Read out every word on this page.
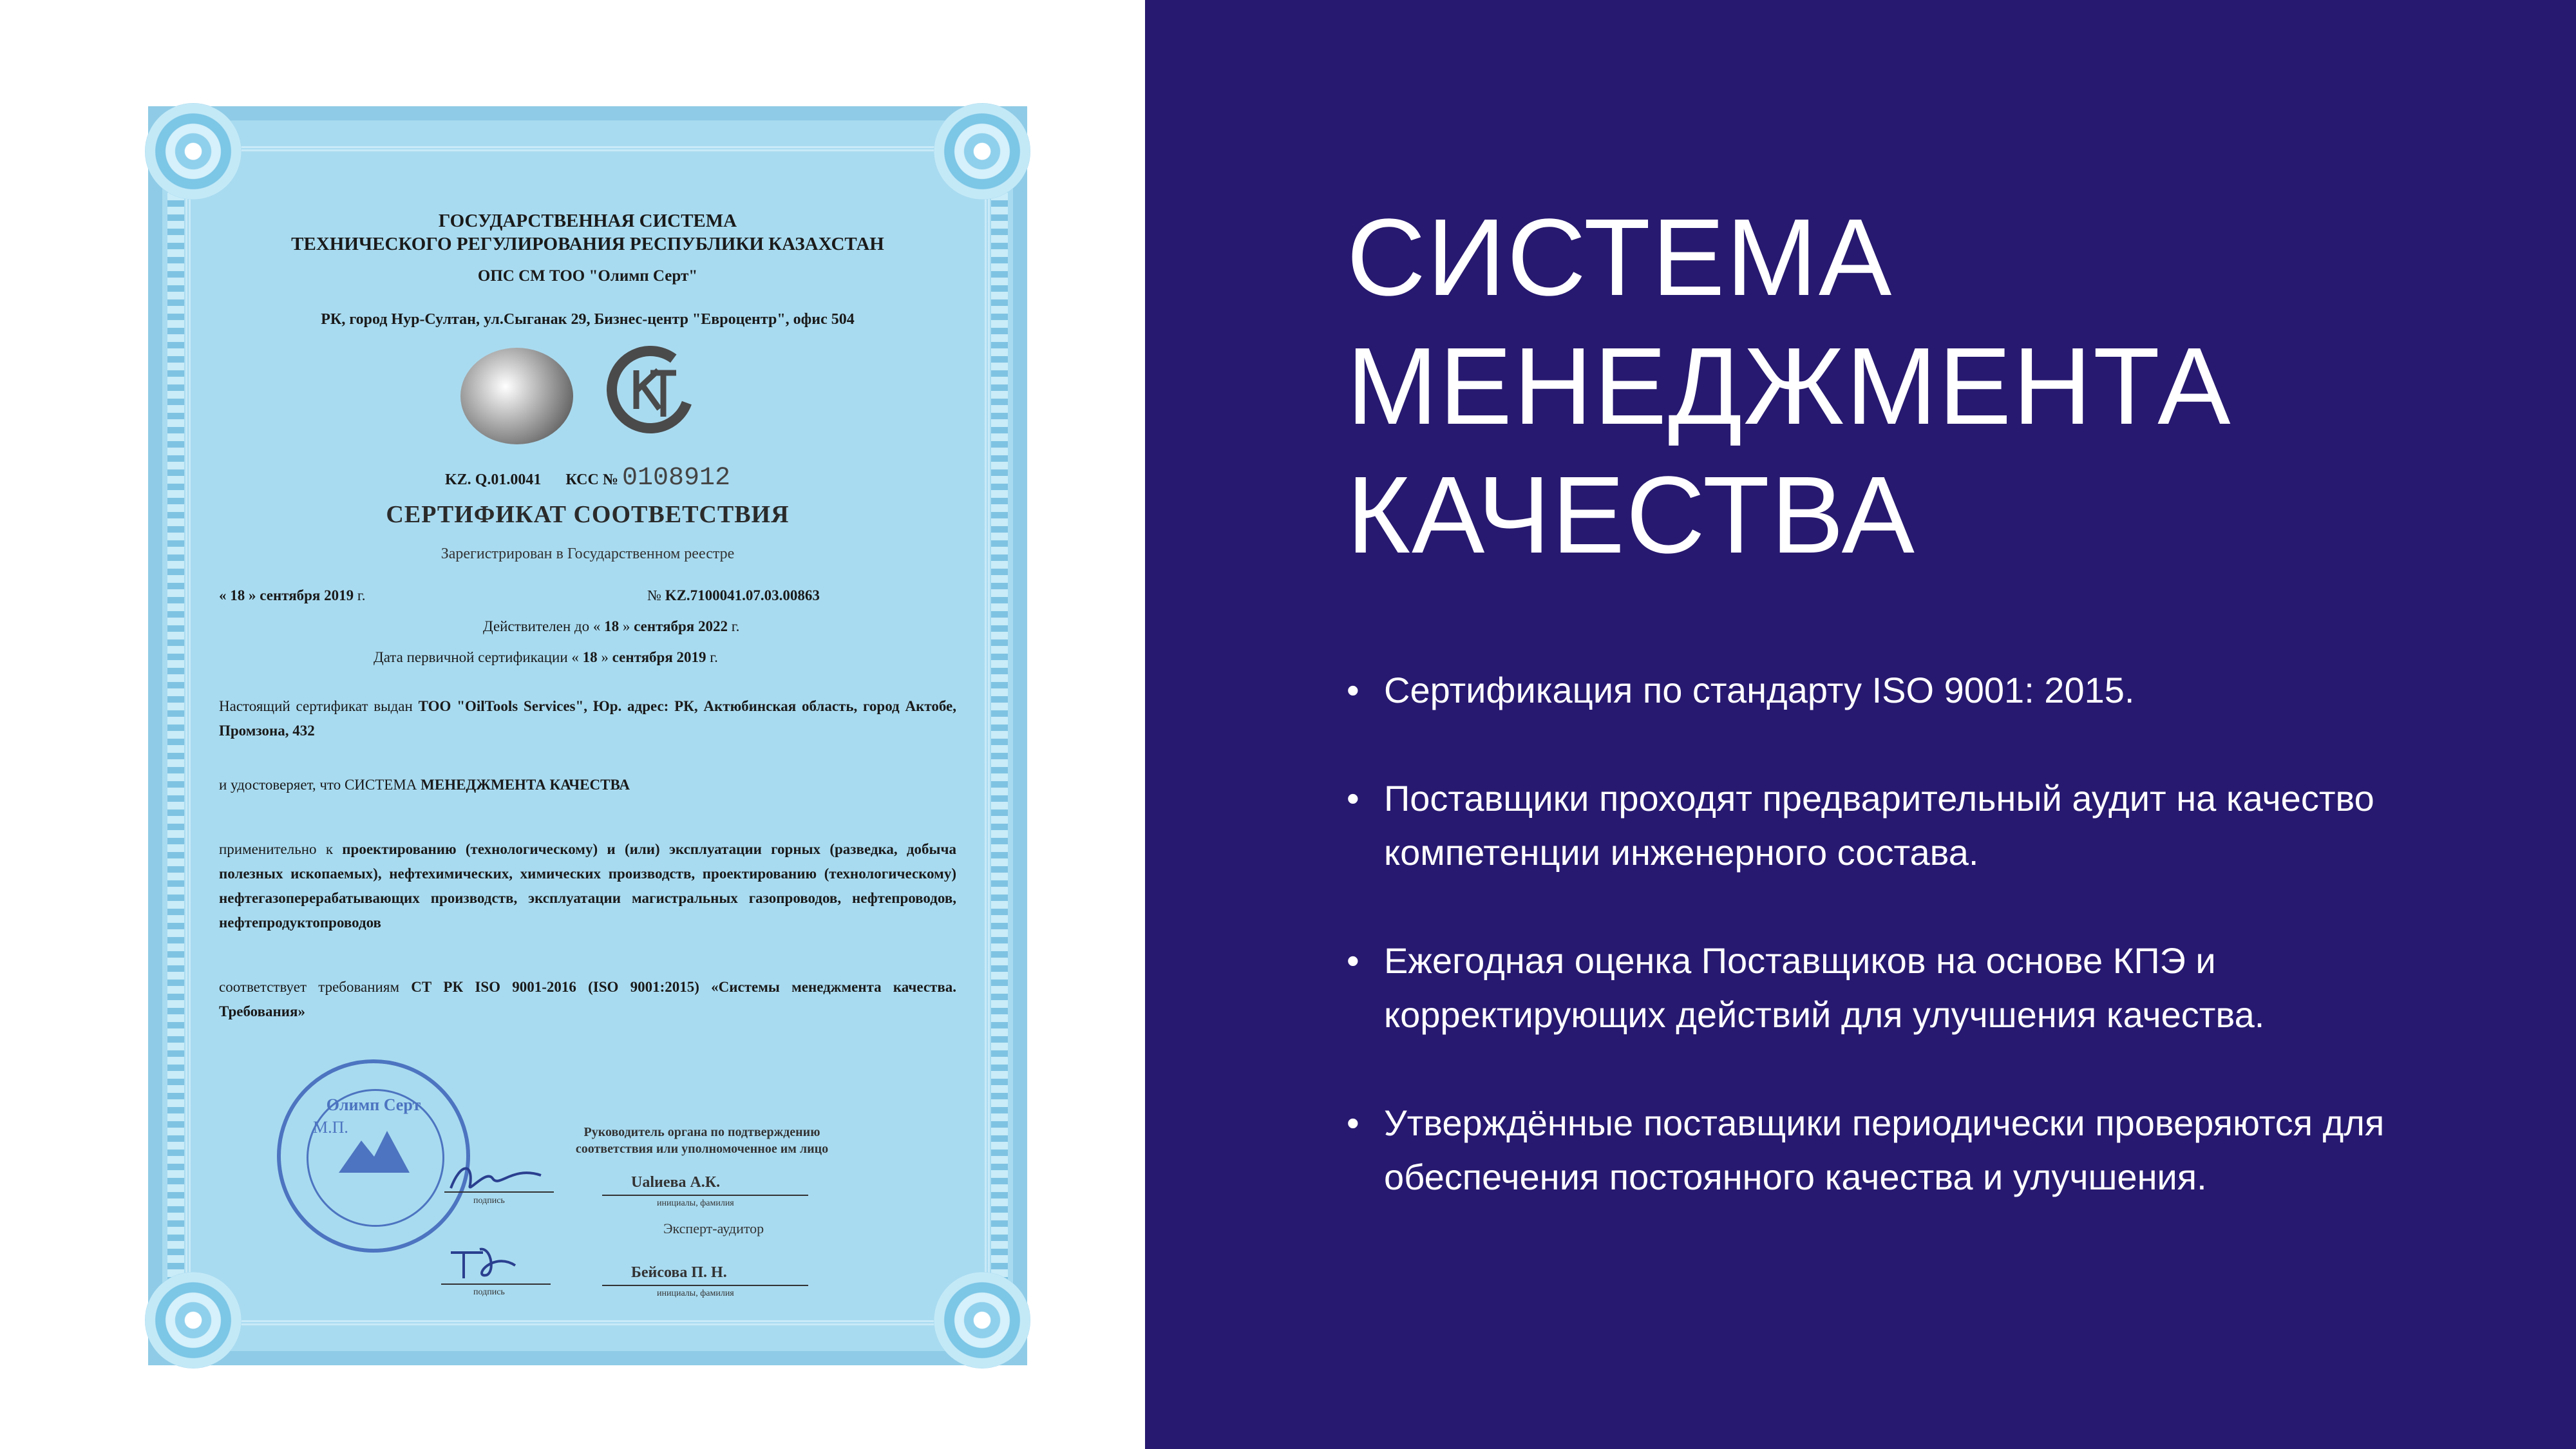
ГОСУДАРСТВЕННАЯ СИСТЕМА
ТЕХНИЧЕСКОГО РЕГУЛИРОВАНИЯ РЕСПУБЛИКИ КАЗАХСТАН
ОПС СМ ТОО "Олимп Серт"
РК, город Нур-Султан, ул.Сыганак 29, Бизнес-центр "Евроцентр", офис 504
KZ. Q.01.0041 КСС № 0108912
СЕРТИФИКАТ СООТВЕТСТВИЯ
Зарегистрирован в Государственном реестре
« 18 » сентября 2019 г.	№ KZ.7100041.07.03.00863
Действителен до « 18 » сентября 2022 г.
Дата первичной сертификации « 18 » сентября 2019 г.
Настоящий сертификат выдан ТОО "OilTools Services", Юр. адрес: РК, Актюбинская область, город Актобе, Промзона, 432
и удостоверяет, что СИСТЕМА МЕНЕДЖМЕНТА КАЧЕСТВА
применительно к проектированию (технологическому) и (или) эксплуатации горных (разведка, добыча полезных ископаемых), нефтехимических, химических производств, проектированию (технологическому) нефтегазоперерабатывающих производств, эксплуатации магистральных газопроводов, нефтепроводов, нефтепродуктопроводов
соответствует требованиям СТ РК ISO 9001-2016 (ISO 9001:2015) «Системы менеджмента качества. Требования»
Олимп Серт
М.П.	Руководитель органа по подтверждению
соответствия или уполномоченное им лицо
подпись
Ualиева А.К.
инициалы, фамилия
Эксперт-аудитор
подпись
Бейсова П. Н.
инициалы, фамилия
СИСТЕМА
МЕНЕДЖМЕНТА
КАЧЕСТВА
• Сертификация по стандарту ISO 9001: 2015.
• Поставщики проходят предварительный аудит на качество компетенции инженерного состава.
• Ежегодная оценка Поставщиков на основе КПЭ и корректирующих действий для улучшения качества.
• Утверждённые поставщики периодически проверяются для обеспечения постоянного качества и улучшения.
